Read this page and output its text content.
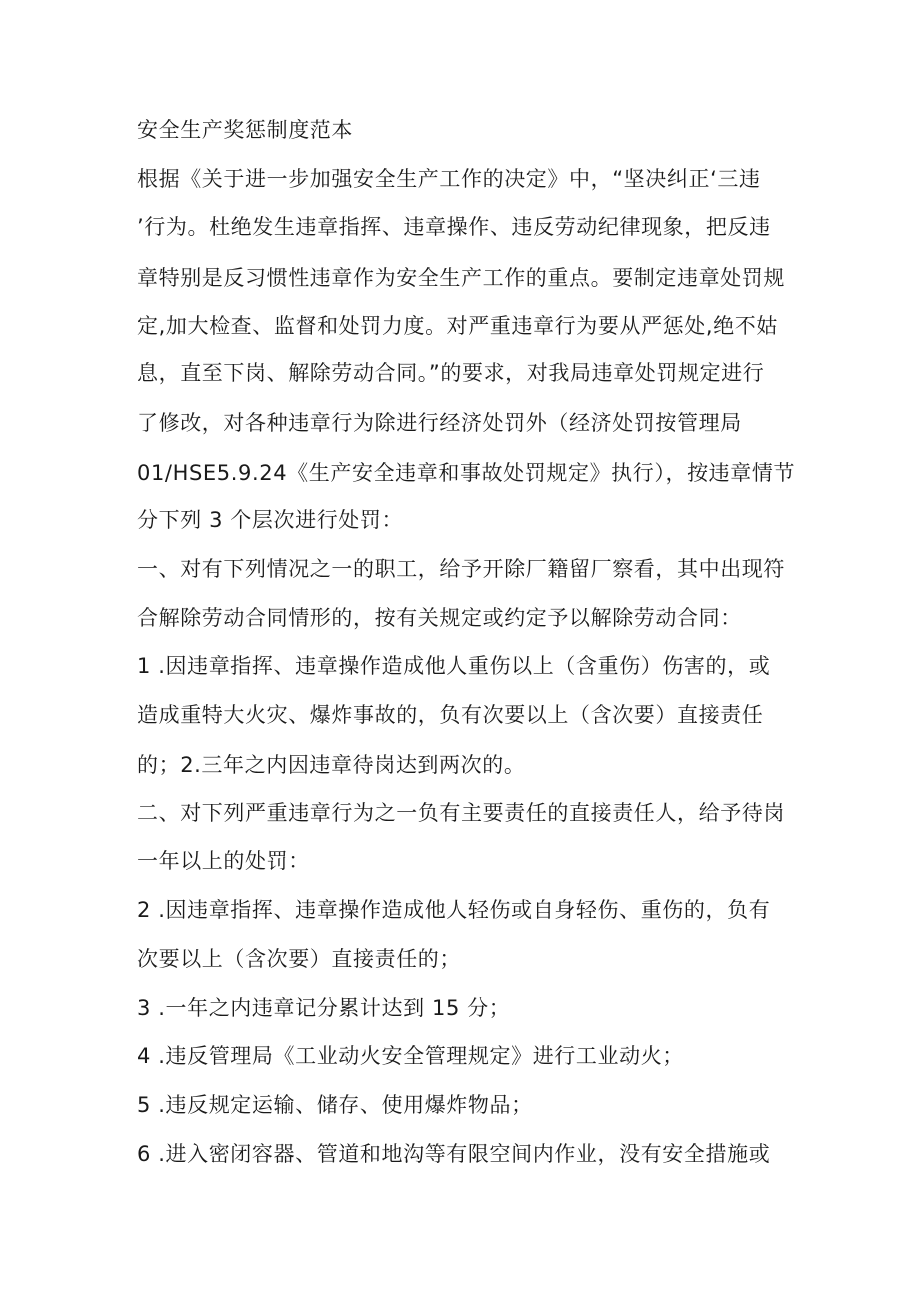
安全生产奖惩制度范本
根据《关于进一步加强安全生产工作的决定》中，“坚决纠正‘三违
’行为。杜绝发生违章指挥、违章操作、违反劳动纪律现象，把反违
章特别是反习惯性违章作为安全生产工作的重点。要制定违章处罚规
定,加大检查、监督和处罚力度。对严重违章行为要从严惩处,绝不姑
息，直至下岗、解除劳动合同。”的要求，对我局违章处罚规定进行
了修改，对各种违章行为除进行经济处罚外（经济处罚按管理局
01/HSE5.9.24《生产安全违章和事故处罚规定》执行），按违章情节
分下列 3 个层次进行处罚：
一、对有下列情况之一的职工，给予开除厂籍留厂察看，其中出现符
合解除劳动合同情形的，按有关规定或约定予以解除劳动合同：
1 .因违章指挥、违章操作造成他人重伤以上（含重伤）伤害的，或
造成重特大火灾、爆炸事故的，负有次要以上（含次要）直接责任
的；2.三年之内因违章待岗达到两次的。
二、对下列严重违章行为之一负有主要责任的直接责任人，给予待岗
一年以上的处罚：
2 .因违章指挥、违章操作造成他人轻伤或自身轻伤、重伤的，负有
次要以上（含次要）直接责任的；
3 .一年之内违章记分累计达到 15 分；
4 .违反管理局《工业动火安全管理规定》进行工业动火；
5 .违反规定运输、储存、使用爆炸物品；
6 .进入密闭容器、管道和地沟等有限空间内作业，没有安全措施或
